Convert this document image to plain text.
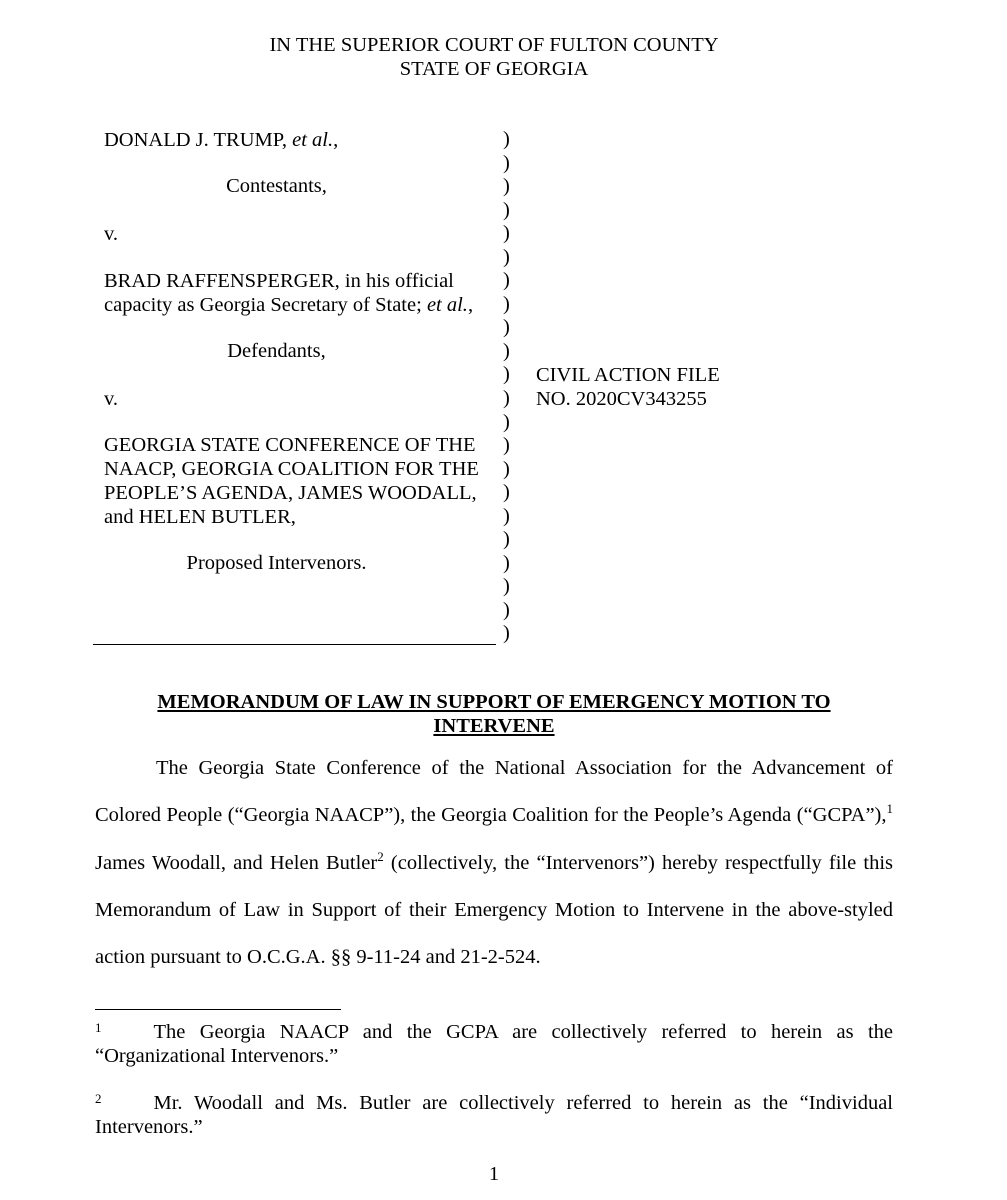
IN THE SUPERIOR COURT OF FULTON COUNTY
STATE OF GEORGIA
DONALD J. TRUMP, et al.,
Contestants,
v.
BRAD RAFFENSPERGER, in his official
capacity as Georgia Secretary of State; et al.,
Defendants,
v.
GEORGIA STATE CONFERENCE OF THE
NAACP, GEORGIA COALITION FOR THE
PEOPLE’S AGENDA, JAMES WOODALL,
and HELEN BUTLER,
Proposed Intervenors.
)
)
)
)
)
)
)
)
)
)
)
)
)
)
)
)
)
)
)
)
)
)
CIVIL ACTION FILE
NO. 2020CV343255
MEMORANDUM OF LAW IN SUPPORT OF EMERGENCY MOTION TO
INTERVENE
The Georgia State Conference of the National Association for the Advancement of Colored People (“Georgia NAACP”), the Georgia Coalition for the People’s Agenda (“GCPA”),$^1$ James Woodall, and Helen Butler$^2$ (collectively, the “Intervenors”) hereby respectfully file this Memorandum of Law in Support of their Emergency Motion to Intervene in the above-styled action pursuant to O.C.G.A. §§ 9-11-24 and 21-2-524.
$^1$	The Georgia NAACP and the GCPA are collectively referred to herein as the “Organizational Intervenors.”
$^2$	Mr. Woodall and Ms. Butler are collectively referred to herein as the “Individual Intervenors.”
1
